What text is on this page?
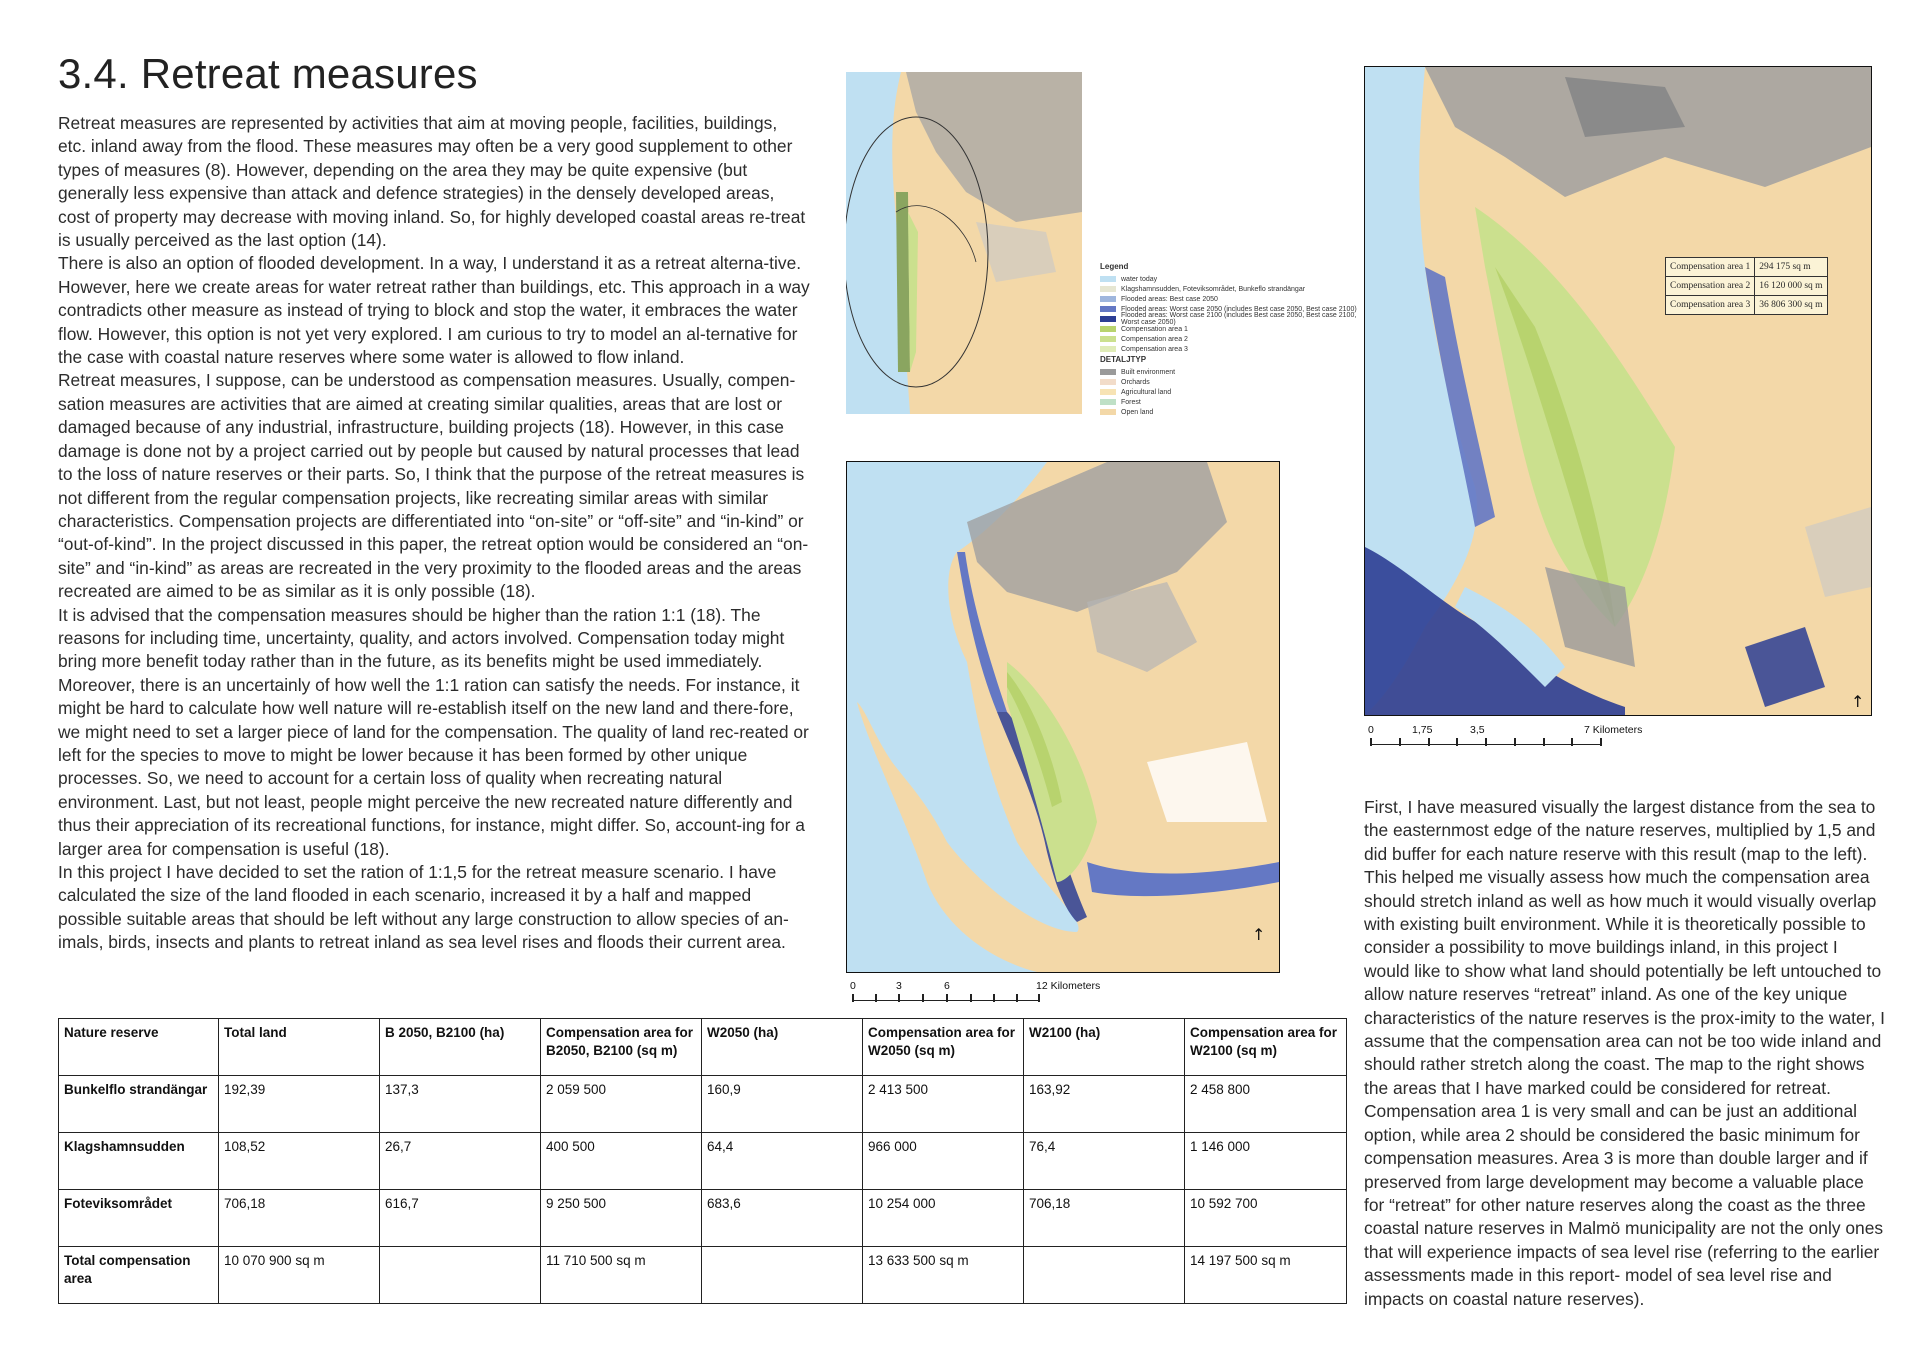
3.4. Retreat measures

Retreat measures are represented by activities that aim at moving people, facilities, buildings, etc. inland away from the flood. These measures may often be a very good supplement to other types of measures (8). However, depending on the area they may be quite expensive (but generally less expensive than attack and defence strategies) in the densely developed areas, cost of property may decrease with moving inland. So, for highly developed coastal areas re-treat is usually perceived as the last option (14).

There is also an option of flooded development. In a way, I understand it as a retreat alterna-tive. However, here we create areas for water retreat rather than buildings, etc. This approach in a way contradicts other measure as instead of trying to block and stop the water, it embraces the water flow. However, this option is not yet very explored. I am curious to try to model an al-ternative for the case with coastal nature reserves where some water is allowed to flow inland.

Retreat measures, I suppose, can be understood as compensation measures. Usually, compen-sation measures are activities that are aimed at creating similar qualities, areas that are lost or damaged because of any industrial, infrastructure, building projects (18). However, in this case damage is done not by a project carried out by people but caused by natural processes that lead to the loss of nature reserves or their parts. So, I think that the purpose of the retreat measures is not different from the regular compensation projects, like recreating similar areas with similar characteristics. Compensation projects are differentiated into “on-site” or “off-site” and “in-kind” or “out-of-kind”. In the project discussed in this paper, the retreat option would be considered an “on-site” and “in-kind” as areas are recreated in the very proximity to the flooded areas and the areas recreated are aimed to be as similar as it is only possible (18).

It is advised that the compensation measures should be higher than the ration 1:1 (18). The reasons for including time, uncertainty, quality, and actors involved. Compensation today might bring more benefit today rather than in the future, as its benefits might be used immediately. Moreover, there is an uncertainly of how well the 1:1 ration can satisfy the needs. For instance, it might be hard to calculate how well nature will re-establish itself on the new land and there-fore, we might need to set a larger piece of land for the compensation. The quality of land rec-reated or left for the species to move to might be lower because it has been formed by other unique processes. So, we need to account for a certain loss of quality when recreating natural environment. Last, but not least, people might perceive the new recreated nature differently and thus their appreciation of its recreational functions, for instance, might differ. So, account-ing for a larger area for compensation is useful (18).

In this project I have decided to set the ration of 1:1,5 for the retreat measure scenario. I have calculated the size of the land flooded in each scenario, increased it by a half and mapped possible suitable areas that should be left without any large construction to allow species of an-imals, birds, insects and plants to retreat inland as sea level rises and floods their current area.

Legend
water today
Klagshamnsudden, Foteviksområdet, Bunkeflo strandängar
Flooded areas: Best case 2050
Flooded areas: Worst case 2050 (includes Best case 2050, Best case 2100)
Flooded areas: Worst case 2100 (includes Best case 2050, Best case 2100, Worst case 2050)
Compensation area 1
Compensation area 2
Compensation area 3
DETALJTYP
Built environment
Orchards
Agricultural land
Forest
Open land
↑
0	3	6	12 Kilometers
↑
Compensation area 1	294 175 sq m
Compensation area 2	16 120 000 sq m
Compensation area 3	36 806 300 sq m
0	1,75	3,5	7 Kilometers
First, I have measured visually the largest distance from the sea to the easternmost edge of the nature reserves, multiplied by 1,5 and did buffer for each nature reserve with this result (map to the left). This helped me visually assess how much the compensation area should stretch inland as well as how much it would visually overlap with existing built environment. While it is theoretically possible to consider a possibility to move buildings inland, in this project I would like to show what land should potentially be left untouched to allow nature reserves “retreat” inland. As one of the key unique characteristics of the nature reserves is the prox-imity to the water, I assume that the compensation area can not be too wide inland and should rather stretch along the coast. The map to the right shows the areas that I have marked could be considered for retreat. Compensation area 1 is very small and can be just an additional option, while area 2 should be considered the basic minimum for compensation measures. Area 3 is more than double larger and if preserved from large development may become a valuable place for “retreat” for other nature reserves along the coast as the three coastal nature reserves in Malmö municipality are not the only ones that will experience impacts of sea level rise (referring to the earlier assessments made in this report- model of sea level rise and impacts on coastal nature reserves).
Nature reserve	Total land	B 2050, B2100 (ha)	Compensation area for B2050, B2100 (sq m)	W2050 (ha)	Compensation area for W2050 (sq m)	W2100 (ha)	Compensation area for W2100 (sq m)
Bunkelflo strandängar	192,39	137,3	2 059 500	160,9	2 413 500	163,92	2 458 800
Klagshamnsudden	108,52	26,7	400 500	64,4	966 000	76,4	1 146 000
Foteviksområdet	706,18	616,7	9 250 500	683,6	10 254 000	706,18	10 592 700
Total compensation area	10 070 900 sq m		11 710 500 sq m		13 633 500 sq m		14 197 500 sq m
